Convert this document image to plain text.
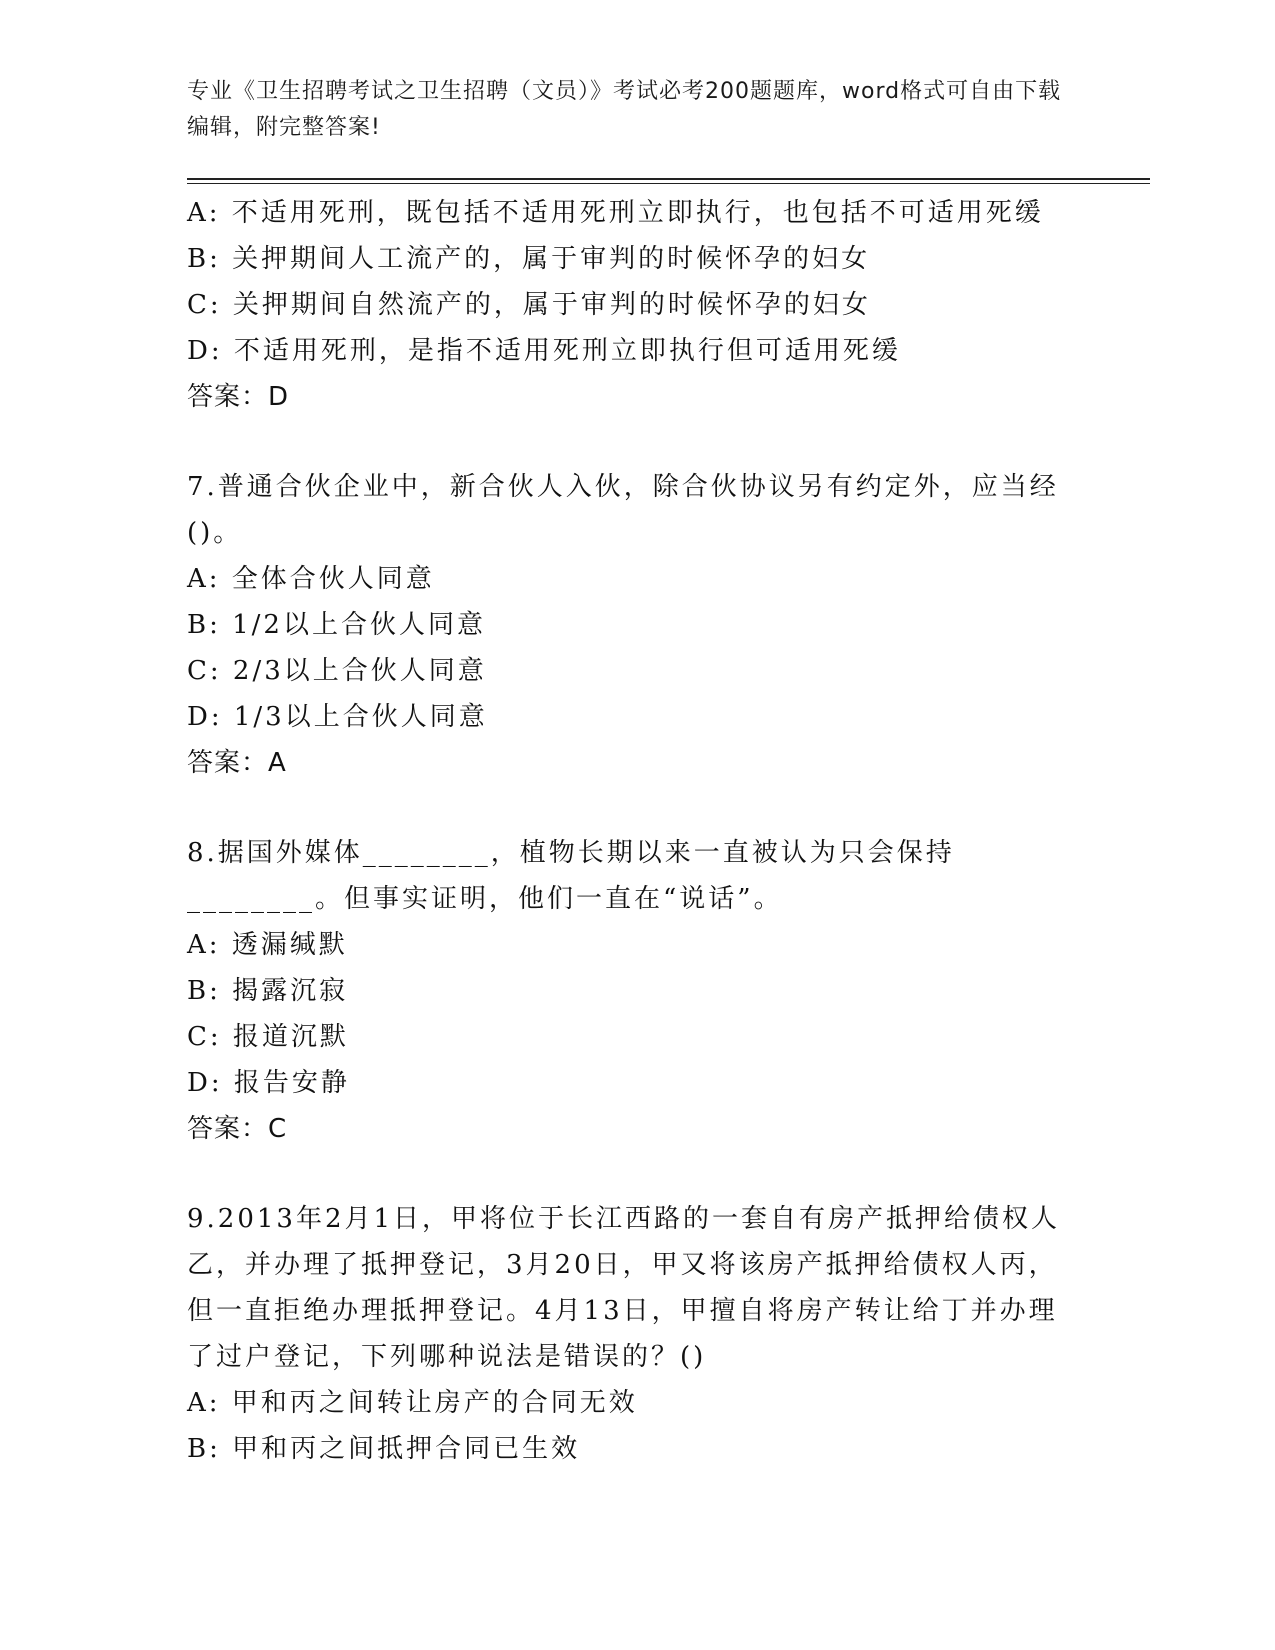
专业《卫生招聘考试之卫生招聘（文员）》考试必考200题题库，word格式可自由下载编辑，附完整答案!
A: 不适用死刑，既包括不适用死刑立即执行，也包括不可适用死缓
B: 关押期间人工流产的，属于审判的时候怀孕的妇女
C: 关押期间自然流产的，属于审判的时候怀孕的妇女
D: 不适用死刑，是指不适用死刑立即执行但可适用死缓
答案：D
7.普通合伙企业中，新合伙人入伙，除合伙协议另有约定外，应当经()。
A: 全体合伙人同意
B: 1/2以上合伙人同意
C: 2/3以上合伙人同意
D: 1/3以上合伙人同意
答案：A
8.据国外媒体________，植物长期以来一直被认为只会保持________。但事实证明，他们一直在“说话”。
A: 透漏缄默
B: 揭露沉寂
C: 报道沉默
D: 报告安静
答案：C
9.2013年2月1日，甲将位于长江西路的一套自有房产抵押给债权人乙，并办理了抵押登记，3月20日，甲又将该房产抵押给债权人丙，但一直拒绝办理抵押登记。4月13日，甲擅自将房产转让给丁并办理了过户登记，下列哪种说法是错误的？()
A: 甲和丙之间转让房产的合同无效
B: 甲和丙之间抵押合同已生效
